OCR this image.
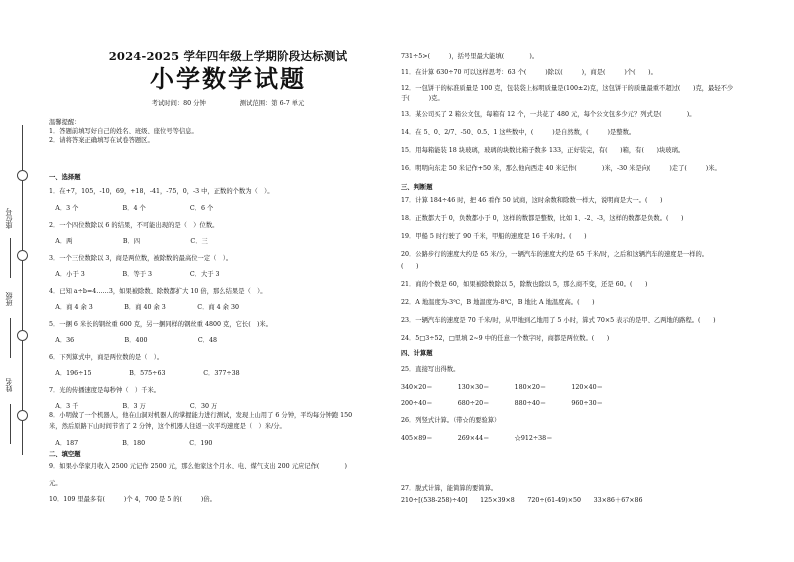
座位号
班级
姓名
2024-2025 学年四年级上学期阶段达标测试
小学数学试题
考试时间：80 分钟	测试范围：第 6-7 单元
温馨提醒：
1．答题前填写好自己的姓名、班级、座位号等信息。
2．请将答案正确填写在试卷答题区。
一、选择题
1．在+7，105，-10，69，+18，-41，-75，0，-3 中，正数的个数为（　）。
　A．3 个　　　　　　　B．4 个　　　　　　　C．6 个
2．一个四位数除以 6 的结果，不可能出现的是（　）位数。
　A．两　　　　　　　　B．四　　　　　　　　C．三
3．一个三位数除以 3，商是两位数，被除数的最高位一定（　）。
　A．小于 3　　　　　　B．等于 3　　　　　　C．大于 3
4．已知 a÷b=4……3，如果被除数、除数都扩大 10 倍，那么结果是（　）。
　A．商 4 余 3　　　　　B．商 40 余 3　　　　　C．商 4 余 30
5．一捆 6 米长的钢丝重 600 克，另一捆同样的钢丝重 4800 克，它长(　)米。
　A．36　　　　　　　　B．400　　　　　　　　C．48
6．下列算式中，商是两位数的是（　）。
　A．196÷15　　　　　　B．575÷63　　　　　　C．377÷38
7．光的传播速度是每秒钟（　）千米。
　A．3 千　　　　　　　B．3 万　　　　　　　C．30 万
8．小明做了一个机器人，他在山洞对机器人的掌握能力进行测试，发现上山用了 6 分钟，平均每分钟跑 150
米，然后原路下山时间节省了 2 分钟，这个机器人往返一次平均速度是（　）米/分。
　A．187　　　　　　　B．180　　　　　　　C．190
二、填空题
9．如果小华家月收入 2500 元记作 2500 元，那么他家这个月水、电、煤气支出 200 元应记作(　　　　)
元。
10．109 里最多有(　　　)个 4，700 是 5 的(　　　)倍。
731÷5>(　　　)，括号里最大能填(　　　　)。
11．在计算 630÷70 可以这样思考：63 个(　　　)除以(　　　)，商是(　　　)个(　　)。
12．一包饼干的标准质量是 100 克，包装袋上标明质量是(100±2)克，这包饼干的质量最重不超过(　　)克，最轻不少
于(　　　)克。
13．某公司买了 2 箱公文包，每箱有 12 个，一共花了 480 元，每个公文包多少元？列式是(　　　　)。
14．在 5、0、2/7、-50、0.5、1 这些数中，(　　　)是自然数，(　　　)是整数。
15．用每箱能装 18 块玻璃，玻璃的块数比箱子数多 133，正好装完，有(　　)箱，有(　　)块玻璃。
16．明明向东走 50 米记作+50 米，那么他向西走 40 米记作(　　　　)米，-30 米是向(　　　)走了(　　　)米。
三、判断题
17．计算 184÷46 时，把 46 看作 50 试商，这时余数和除数一样大，说明商是大一。(　　)
18．正数都大于 0，负数都小于 0，这样的数都是整数，比如 1、-2、-3，这样的数都是负数。(　　)
19．甲船 5 时行驶了 90 千米，甲船的速度是 16 千米/时。(　　)
20．公路步行的速度大约是 65 米/分，一辆汽车的速度大约是 65 千米/时，之后和这辆汽车的速度是一样的。
(　　)
21．商的个数是 60，如果被除数除以 5，除数也除以 5，那么商不变，还是 60。(　　)
22．A 地温度为-3℃，B 地温度为-8℃，B 地比 A 地温度高。(　　)
23．一辆汽车的速度是 70 千米/时，从甲地到乙地用了 5 小时，算式 70×5 表示的是甲、乙两地的路程。(　　)
24．5□3÷52，□里填 2~9 中的任意一个数字时，商都是两位数。(　　)
四、计算题
25．直接写出得数。
340×20＝　　　　130×30＝　　　　180×20＝　　　　120×40＝
200÷40＝　　　　680÷20＝　　　　880÷40＝　　　　960÷30＝
26．列竖式计算。（带☆的要验算）
405×89＝　　　　269×44＝　　　　☆912÷38＝
27．脱式计算，能简算的要简算。
210÷[(538-258)÷40]　　125×39×8　　720÷(61-49)×50　　33×86＋67×86
